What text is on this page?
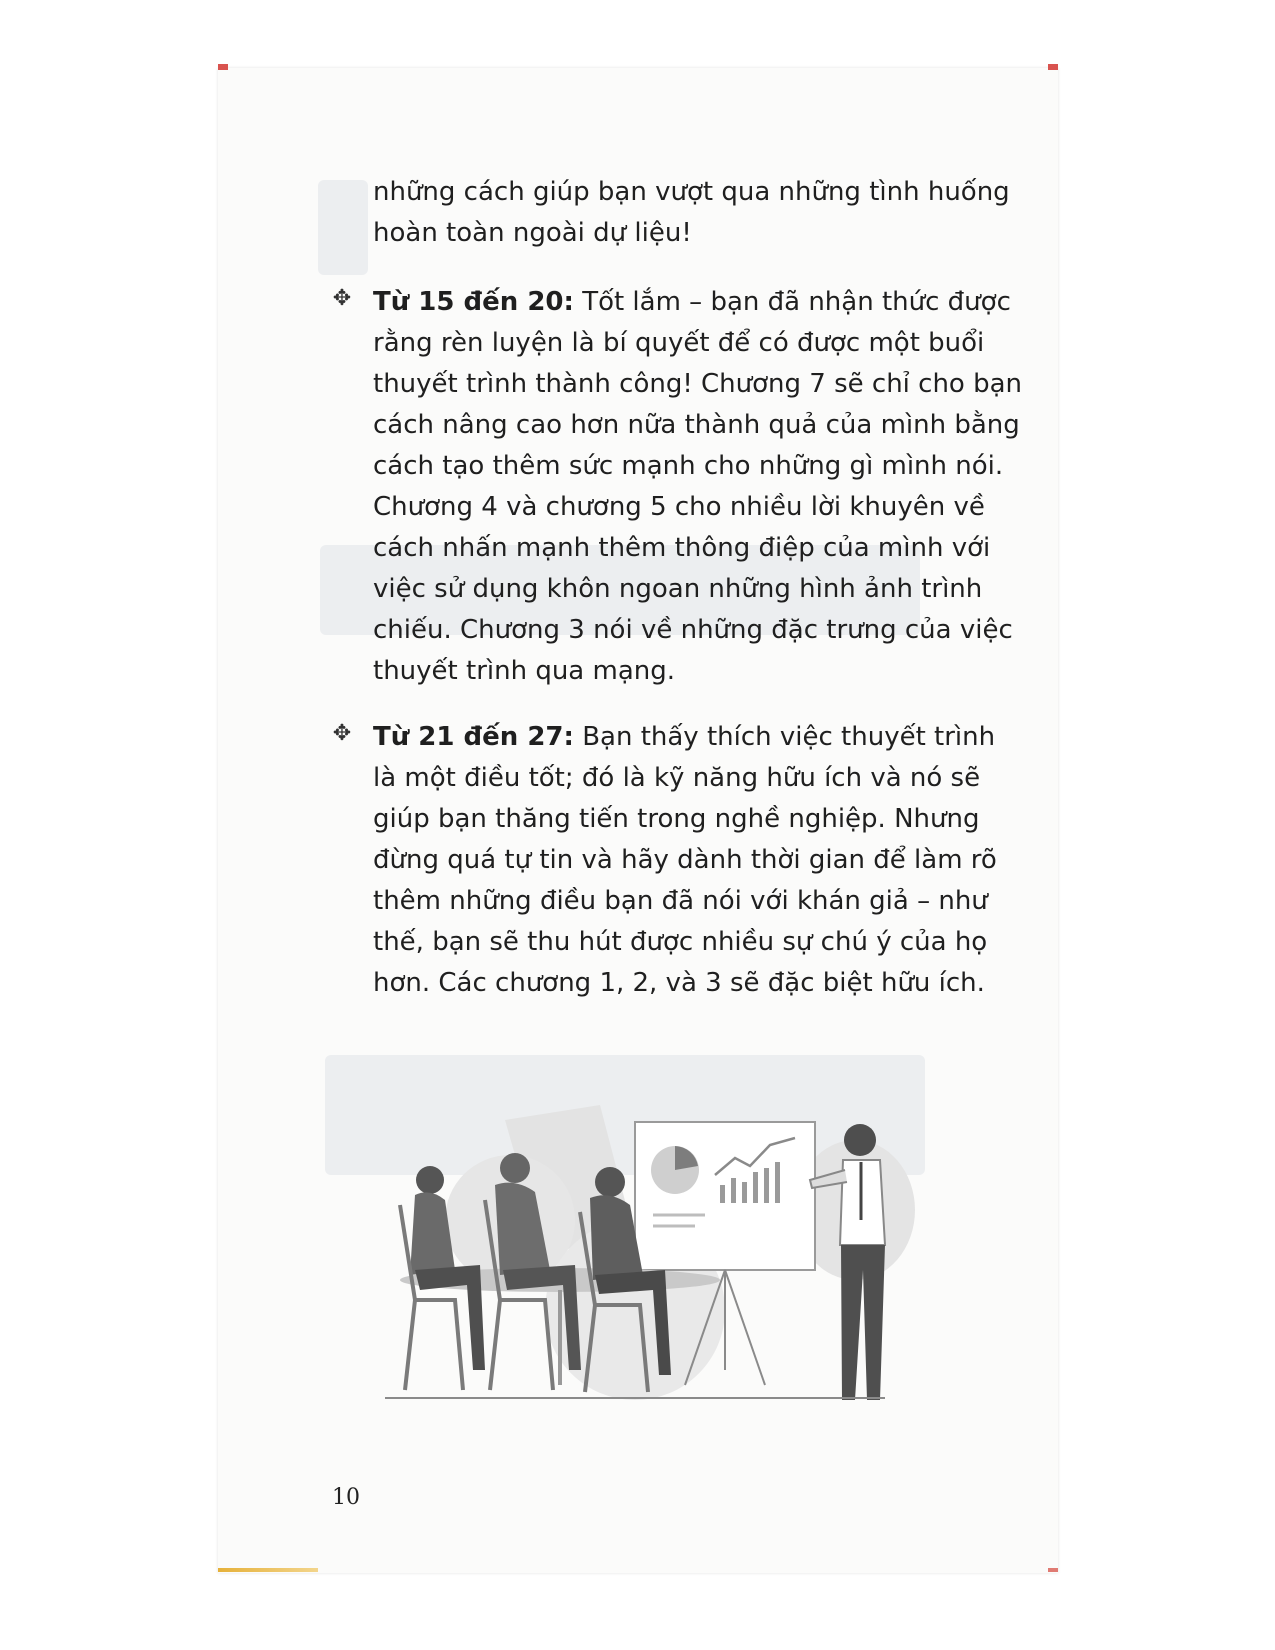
những cách giúp bạn vượt qua những tình huống hoàn toàn ngoài dự liệu!
✥ Từ 15 đến 20: Tốt lắm – bạn đã nhận thức được rằng rèn luyện là bí quyết để có được một buổi thuyết trình thành công! Chương 7 sẽ chỉ cho bạn cách nâng cao hơn nữa thành quả của mình bằng cách tạo thêm sức mạnh cho những gì mình nói. Chương 4 và chương 5 cho nhiều lời khuyên về cách nhấn mạnh thêm thông điệp của mình với việc sử dụng khôn ngoan những hình ảnh trình chiếu. Chương 3 nói về những đặc trưng của việc thuyết trình qua mạng.
✥ Từ 21 đến 27: Bạn thấy thích việc thuyết trình là một điều tốt; đó là kỹ năng hữu ích và nó sẽ giúp bạn thăng tiến trong nghề nghiệp. Nhưng đừng quá tự tin và hãy dành thời gian để làm rõ thêm những điều bạn đã nói với khán giả – như thế, bạn sẽ thu hút được nhiều sự chú ý của họ hơn. Các chương 1, 2, và 3 sẽ đặc biệt hữu ích.
10
